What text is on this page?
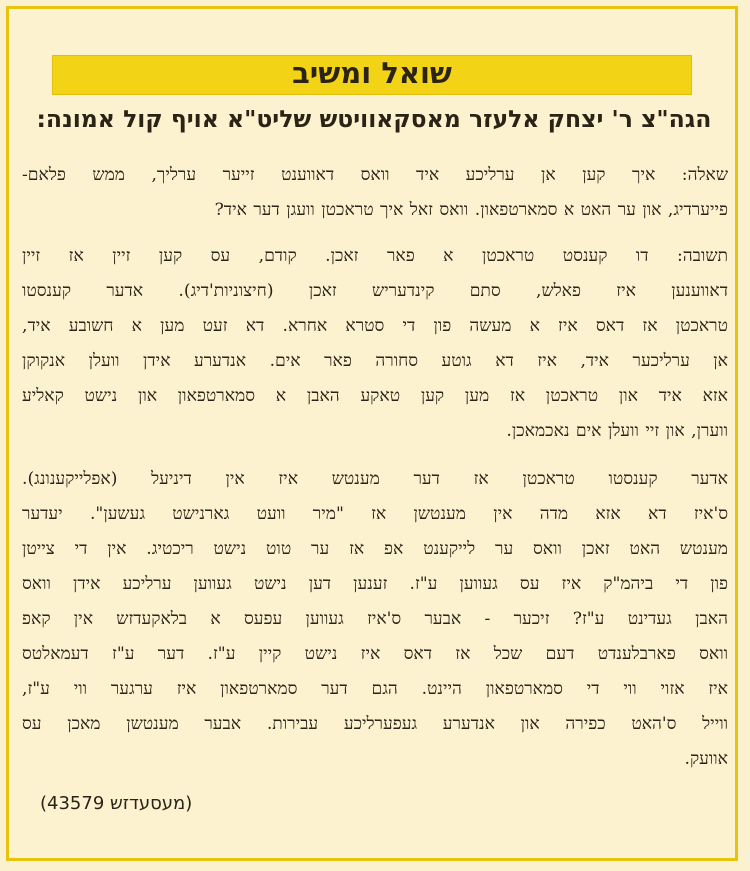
שואל ומשיב
הגה"צ ר' יצחק אלעזר מאסקאוויטש שליט"א אויף קול אמונה:

שאלה: איך קען אן ערליכע איד וואס דאווענט זייער ערליך, ממש פלאם-

פייערדיג, און ער האט א סמארטפאון. וואס זאל איך טראכטן וועגן דער איד?

תשובה: דו קענסט טראכטן א פאר זאכן. קודם, עס קען זיין אז זיין

דאווענען איז פאלש, סתם קינדעריש זאכן (חיצוניות'דיג). אדער קענסטו

טראכטן אז דאס איז א מעשה פון די סטרא אחרא. דא זעט מען א חשובע איד,

אן ערליכער איד, איז דא גוטע סחורה פאר אים. אנדערע אידן וועלן אנקוקן

אזא איד און טראכטן אז מען קען טאקע האבן א סמארטפאון און נישט קאליע

ווערן, און זיי וועלן אים נאכמאכן.

אדער קענסטו טראכטן אז דער מענטש איז אין דיניעל (אפלייקענונג).

ס'איז דא אזא מדה אין מענטשן אז "מיר וועט גארנישט געשען". יעדער

מענטש האט זאכן וואס ער לייקענט אפ אז ער טוט נישט ריכטיג. אין די צייטן

פון די ביהמ"ק איז עס געווען ע"ז. זענען דען נישט געווען ערליכע אידן וואס

האבן געדינט ע"ז? זיכער - אבער ס'איז געווען עפעס א בלאקעדזש אין קאפ

וואס פארבלענדט דעם שכל אז דאס איז נישט קיין ע"ז. דער ע"ז דעמאלטס

איז אזוי ווי די סמארטפאון היינט. הגם דער סמארטפאון איז ערגער ווי ע"ז,

ווייל ס'האט כפירה און אנדערע געפערליכע עבירות. אבער מענטשן מאכן עס

אוועק.

(מעסעדזש 43579)
